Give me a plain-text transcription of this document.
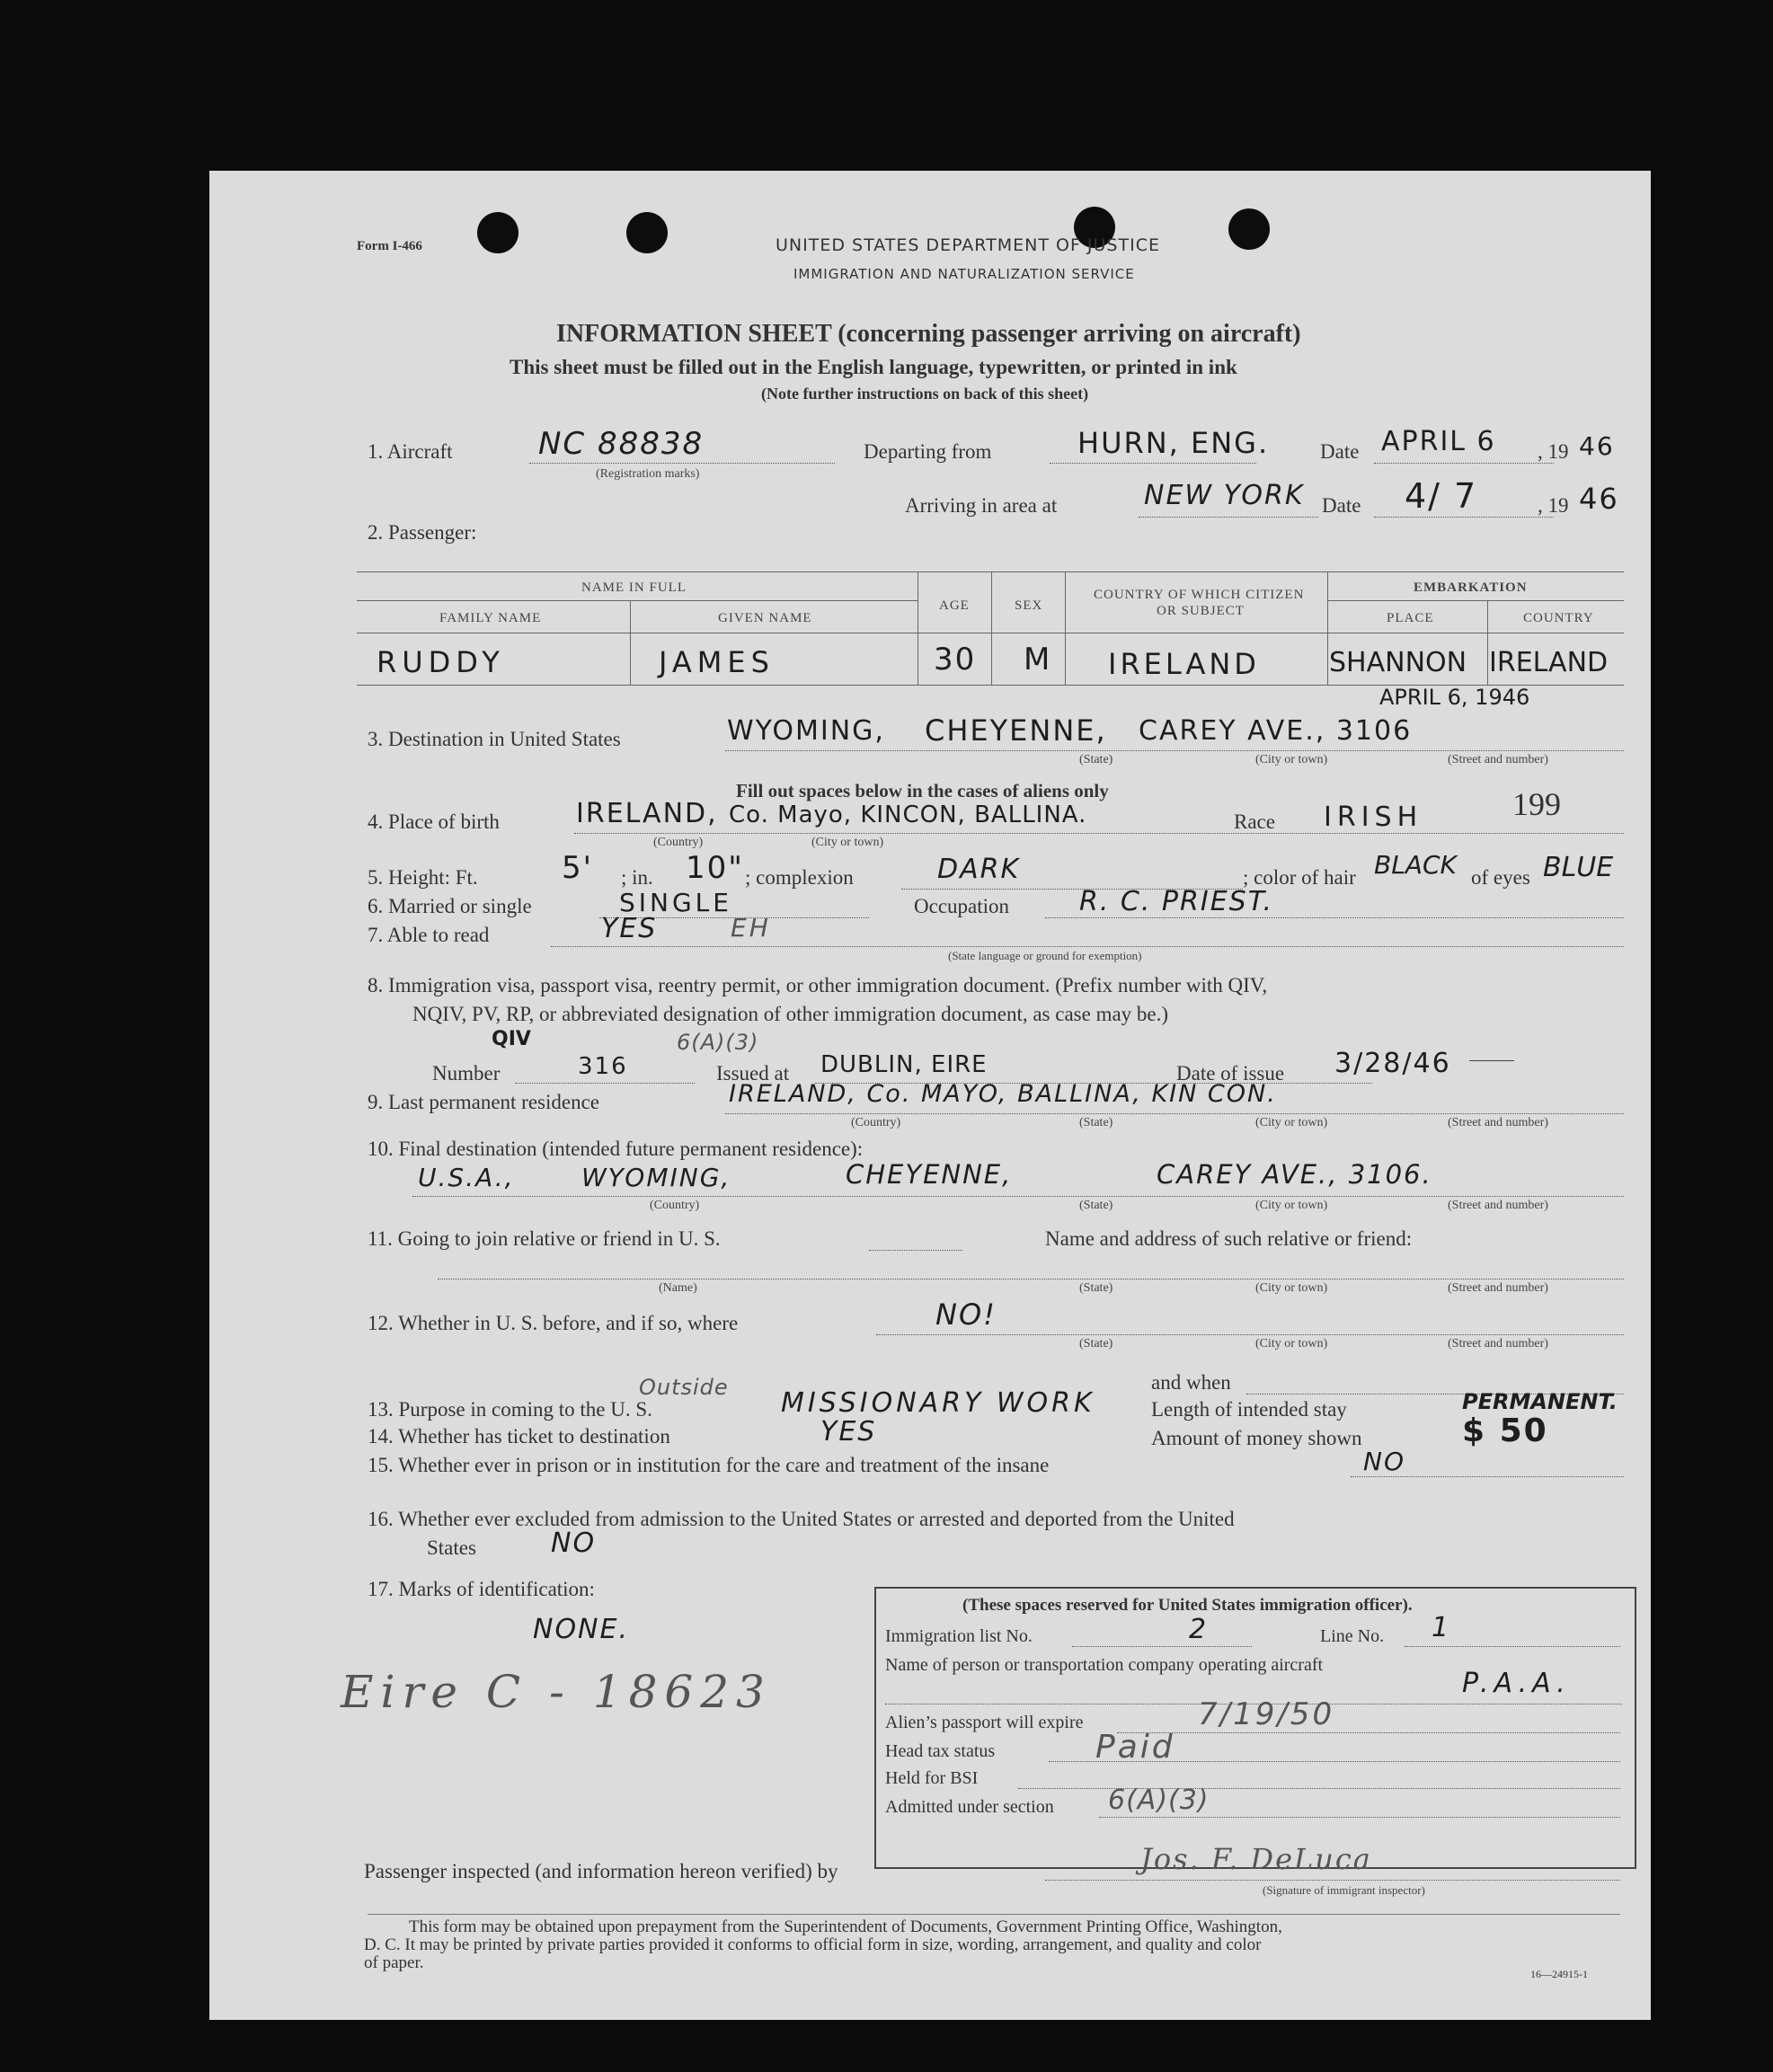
Form I-466	UNITED STATES DEPARTMENT OF JUSTICE
IMMIGRATION AND NATURALIZATION SERVICE
INFORMATION SHEET (concerning passenger arriving on aircraft)
This sheet must be filled out in the English language, typewritten, or printed in ink
(Note further instructions on back of this sheet)
1. Aircraft	NC 88838
(Registration marks)
Departing from	HURN, ENG. Date APRIL 6 , 19 46
Arriving in area at	NEW YORK Date 4/ 7	, 19 46
2. Passenger:
NAME IN FULL
FAMILY NAME	GIVEN NAME
AGE	SEX
COUNTRY OF WHICH CITIZEN
OR SUBJECT
EMBARKATION
PLACE	COUNTRY
RUDDY	JAMES	30 M IRELAND	SHANNON IRELAND
APRIL 6, 1946
3. Destination in United States	WYOMING, CHEYENNE, CAREY AVE., 3106
(State)	(City or town)	(Street and number)
Fill out spaces below in the cases of aliens only
4. Place of birth	IRELAND, Co. Mayo, KINCON, BALLINA.
(Country)	(City or town)
Race IRISH	199
5. Height: Ft.	5' ; in. 10" ; complexion	DARK	; color of hair BLACK of eyes BLUE
6. Married or single	SINGLE	Occupation	R. C. PRIEST.
7. Able to read	YES	EH
(State language or ground for exemption)
8. Immigration visa, passport visa, reentry permit, or other immigration document. (Prefix number with QIV,
NQIV, PV, RP, or abbreviated designation of other immigration document, as case may be.)
QIV
Number	316
6(A)(3)
Issued at DUBLIN, EIRE	Date of issue 3/28/46
9. Last permanent residence	IRELAND, Co. MAYO, BALLINA, KIN CON.
(Country)	(State)	(City or town)	(Street and number)
10. Final destination (intended future permanent residence):
U.S.A.,	WYOMING,	CHEYENNE,	CAREY AVE., 3106.
(Country)	(State)	(City or town)	(Street and number)
11. Going to join relative or friend in U. S.	Name and address of such relative or friend:
(Name)	(State)	(City or town)	(Street and number)
12. Whether in U. S. before, and if so, where	NO!
(State)	(City or town)	(Street and number)
and when
13. Purpose in coming to the U. S.
Outside MISSIONARY WORK	Length of intended stay	PERMANENT.
14. Whether has ticket to destination	YES	Amount of money shown	$ 50
15. Whether ever in prison or in institution for the care and treatment of the insane	NO
16. Whether ever excluded from admission to the United States or arrested and deported from the United
States	NO
17. Marks of identification:
NONE.
Eire C - 18623
(These spaces reserved for United States immigration officer).
Immigration list No.	2	Line No. 1
Name of person or transportation company operating aircraft
P.A.A.
Alien’s passport will expire	7/19/50
Head tax status	Paid
Held for BSI
Admitted under section 6(A)(3)
Passenger inspected (and information hereon verified) by	Jos. F. DeLuca
(Signature of immigrant inspector)
This form may be obtained upon prepayment from the Superintendent of Documents, Government Printing Office, Washington,
D. C. It may be printed by private parties provided it conforms to official form in size, wording, arrangement, and quality and color
of paper.
16—24915-1
